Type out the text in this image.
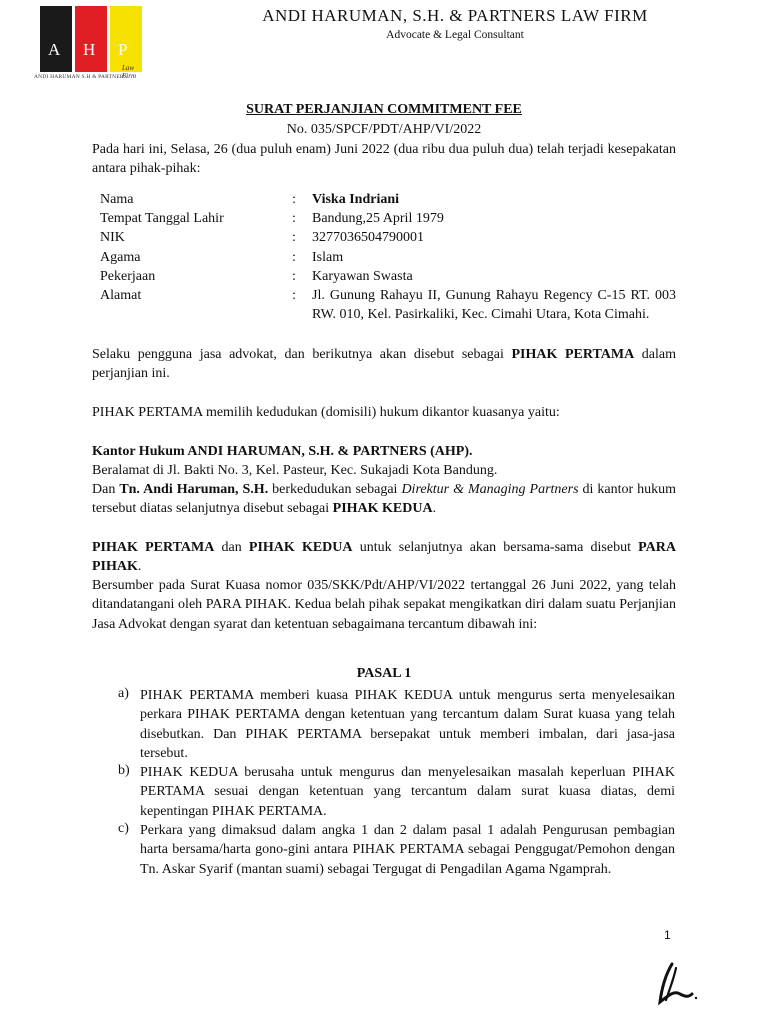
A H P
Law Firm
ANDI HARUMAN S.H & PARTNERS
ANDI HARUMAN, S.H. & PARTNERS LAW FIRM
Advocate & Legal Consultant
SURAT PERJANJIAN COMMITMENT FEE
No. 035/SPCF/PDT/AHP/VI/2022
Pada hari ini, Selasa, 26 (dua puluh enam) Juni 2022 (dua ribu dua puluh dua) telah terjadi kesepakatan antara pihak-pihak:
Nama	: Viska Indriani
Tempat Tanggal Lahir	: Bandung,25 April 1979
NIK	: 3277036504790001
Agama	: Islam
Pekerjaan	: Karyawan Swasta
Alamat	: Jl. Gunung Rahayu II, Gunung Rahayu Regency C-15 RT. 003 RW. 010, Kel. Pasirkaliki, Kec. Cimahi Utara, Kota Cimahi.
Selaku pengguna jasa advokat, dan berikutnya akan disebut sebagai PIHAK PERTAMA dalam perjanjian ini.
PIHAK PERTAMA memilih kedudukan (domisili) hukum dikantor kuasanya yaitu:
Kantor Hukum ANDI HARUMAN, S.H. & PARTNERS (AHP).
Beralamat di Jl. Bakti No. 3, Kel. Pasteur, Kec. Sukajadi Kota Bandung.
Dan Tn. Andi Haruman, S.H. berkedudukan sebagai Direktur & Managing Partners di kantor hukum tersebut diatas selanjutnya disebut sebagai PIHAK KEDUA.
PIHAK PERTAMA dan PIHAK KEDUA untuk selanjutnya akan bersama-sama disebut PARA PIHAK.
Bersumber pada Surat Kuasa nomor 035/SKK/Pdt/AHP/VI/2022 tertanggal 26 Juni 2022, yang telah ditandatangani oleh PARA PIHAK. Kedua belah pihak sepakat mengikatkan diri dalam suatu Perjanjian Jasa Advokat dengan syarat dan ketentuan sebagaimana tercantum dibawah ini:
PASAL 1
a) PIHAK PERTAMA memberi kuasa PIHAK KEDUA untuk mengurus serta menyelesaikan perkara PIHAK PERTAMA dengan ketentuan yang tercantum dalam Surat kuasa yang telah disebutkan. Dan PIHAK PERTAMA bersepakat untuk memberi imbalan, dari jasa-jasa tersebut.
b) PIHAK KEDUA berusaha untuk mengurus dan menyelesaikan masalah keperluan PIHAK PERTAMA sesuai dengan ketentuan yang tercantum dalam surat kuasa diatas, demi kepentingan PIHAK PERTAMA.
c) Perkara yang dimaksud dalam angka 1 dan 2 dalam pasal 1 adalah Pengurusan pembagian harta bersama/harta gono-gini antara PIHAK PERTAMA sebagai Penggugat/Pemohon dengan Tn. Askar Syarif (mantan suami) sebagai Tergugat di Pengadilan Agama Ngamprah.
1
